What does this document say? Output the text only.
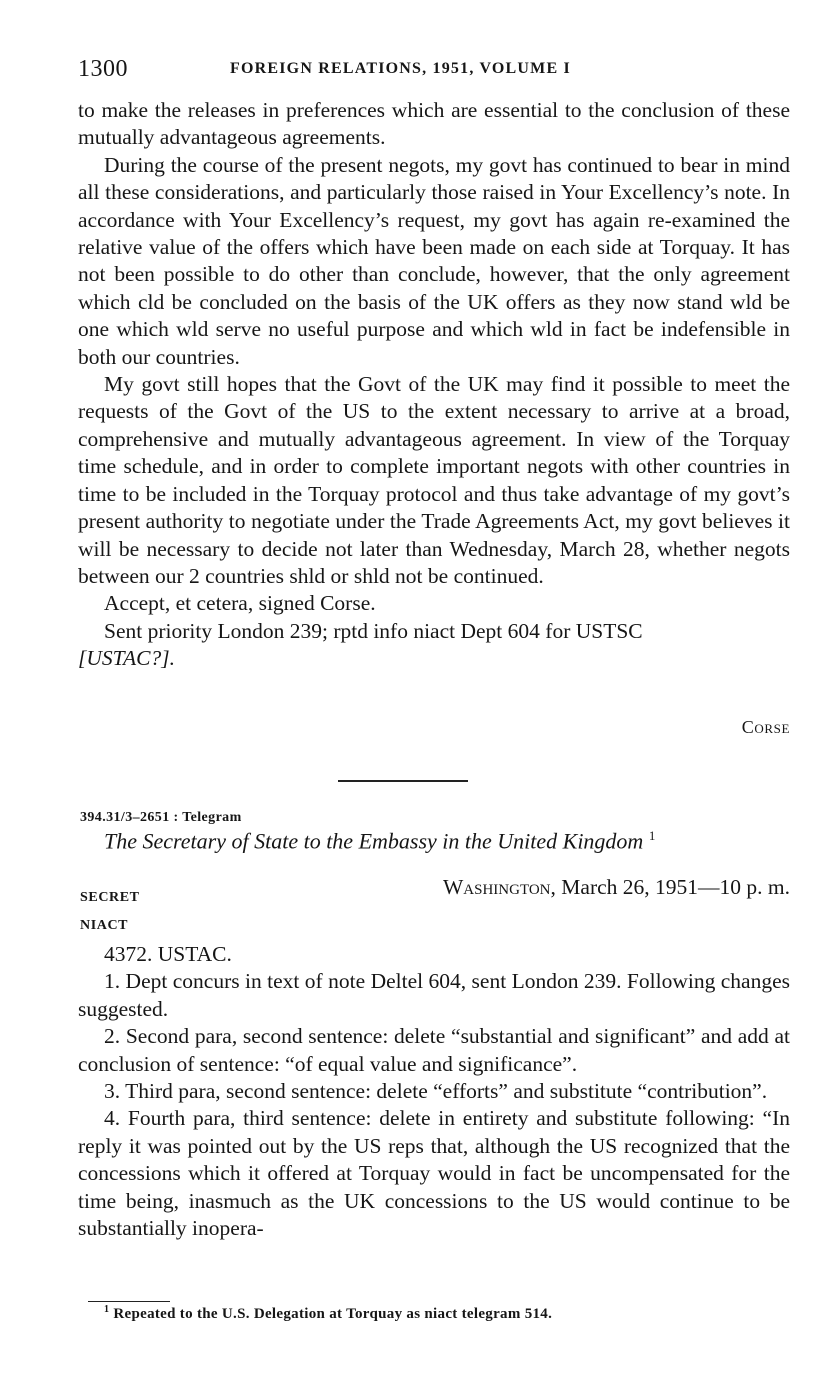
1300	FOREIGN RELATIONS, 1951, VOLUME I

to make the releases in preferences which are essential to the conclusion of these mutually advantageous agreements.

During the course of the present negots, my govt has continued to bear in mind all these considerations, and particularly those raised in Your Excellency’s note. In accordance with Your Excellency’s request, my govt has again re-examined the relative value of the offers which have been made on each side at Torquay. It has not been possible to do other than conclude, however, that the only agreement which cld be concluded on the basis of the UK offers as they now stand wld be one which wld serve no useful purpose and which wld in fact be indefensible in both our countries.

My govt still hopes that the Govt of the UK may find it possible to meet the requests of the Govt of the US to the extent necessary to arrive at a broad, comprehensive and mutually advantageous agreement. In view of the Torquay time schedule, and in order to complete important negots with other countries in time to be included in the Torquay protocol and thus take advantage of my govt’s present authority to negotiate under the Trade Agreements Act, my govt believes it will be necessary to decide not later than Wednesday, March 28, whether negots between our 2 countries shld or shld not be continued.

Accept, et cetera, signed Corse.

Sent priority London 239; rptd info niact Dept 604 for USTSC

[USTAC?].

Corse
394.31/3–2651 : Telegram
The Secretary of State to the Embassy in the United Kingdom $^1$
SECRET	Washington, March 26, 1951—10 p. m.
NIACT

4372. USTAC.

1. Dept concurs in text of note Deltel 604, sent London 239. Following changes suggested.

2. Second para, second sentence: delete “substantial and significant” and add at conclusion of sentence: “of equal value and significance”.

3. Third para, second sentence: delete “efforts” and substitute “contribution”.

4. Fourth para, third sentence: delete in entirety and substitute following: “In reply it was pointed out by the US reps that, although the US recognized that the concessions which it offered at Torquay would in fact be uncompensated for the time being, inasmuch as the UK concessions to the US would continue to be substantially inopera-

$^1$ Repeated to the U.S. Delegation at Torquay as niact telegram 514.
